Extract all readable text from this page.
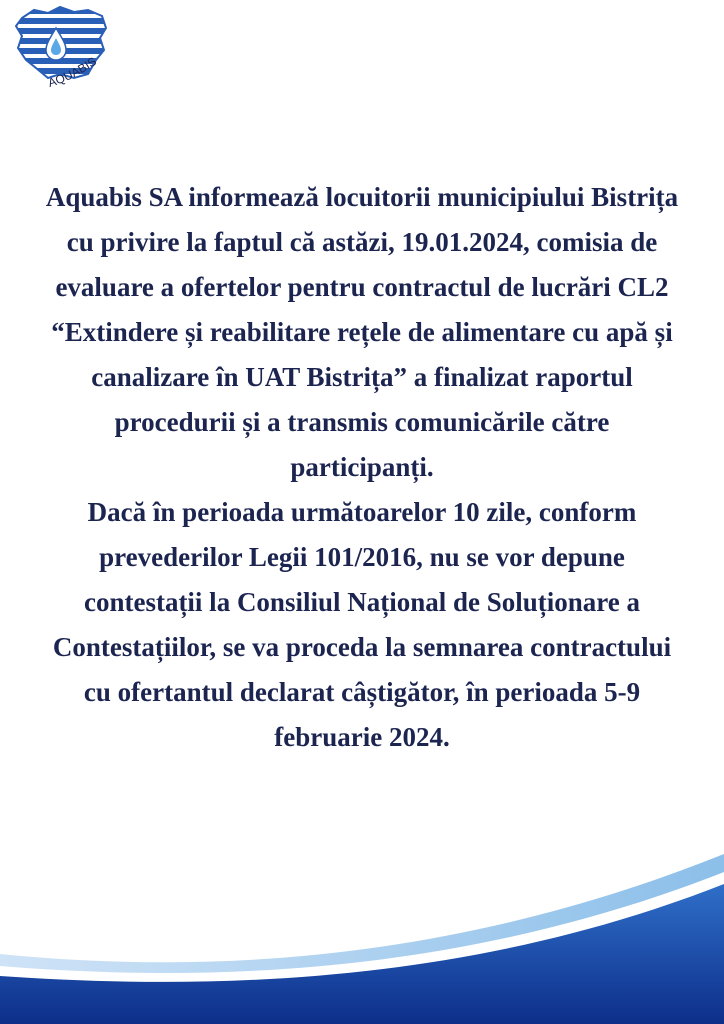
AQUABIS

Aquabis SA informează locuitorii municipiului Bistrița
cu privire la faptul că astăzi, 19.01.2024, comisia de
evaluare a ofertelor pentru contractul de lucrări CL2
“Extindere și reabilitare rețele de alimentare cu apă și
canalizare în UAT Bistrița” a finalizat raportul
procedurii și a transmis comunicările către
participanți.

Dacă în perioada următoarelor 10 zile, conform
prevederilor Legii 101/2016, nu se vor depune
contestații la Consiliul Național de Soluționare a
Contestațiilor, se va proceda la semnarea contractului
cu ofertantul declarat câștigător, în perioada 5-9
februarie 2024.
